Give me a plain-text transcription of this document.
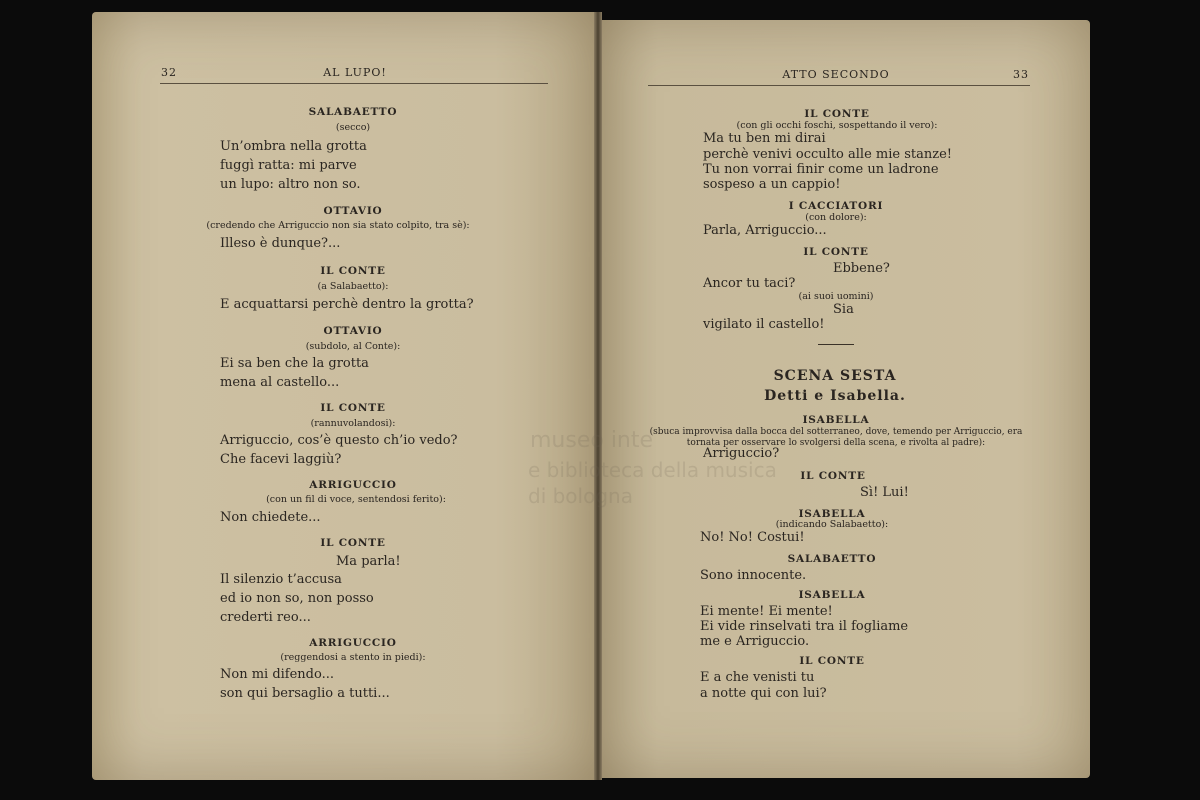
museo inte
e biblioteca della musica
di bologna
32	AL LUPO!
SALABAETTO
(secco)
Un’ombra nella grotta
fuggì ratta: mi parve
un lupo: altro non so.
OTTAVIO
(credendo che Arriguccio non sia stato colpito, tra sè):
Illeso è dunque?...
IL CONTE
(a Salabaetto):
E acquattarsi perchè dentro la grotta?
OTTAVIO
(subdolo, al Conte):
Ei sa ben che la grotta
mena al castello...
IL CONTE
(rannuvolandosi):
Arriguccio, cos’è questo ch’io vedo?
Che facevi laggiù?
ARRIGUCCIO
(con un fil di voce, sentendosi ferito):
Non chiedete...
IL CONTE
Ma parla!
Il silenzio t’accusa
ed io non so, non posso
crederti reo...
ARRIGUCCIO
(reggendosi a stento in piedi):
Non mi difendo...
son qui bersaglio a tutti...
ATTO SECONDO	33
IL CONTE
(con gli occhi foschi, sospettando il vero):
Ma tu ben mi dirai
perchè venivi occulto alle mie stanze!
Tu non vorrai finir come un ladrone
sospeso a un cappio!
I CACCIATORI
(con dolore):
Parla, Arriguccio...
IL CONTE
Ebbene?
Ancor tu taci?
(ai suoi uomini)
Sia
vigilato il castello!
SCENA SESTA
Detti e Isabella.
ISABELLA
(sbuca improvvisa dalla bocca del sotterraneo, dove, temendo per Arriguccio, era tornata per osservare lo svolgersi della scena, e rivolta al padre):
Arriguccio?
IL CONTE
Sì! Lui!
ISABELLA
(indicando Salabaetto):
No! No! Costui!
SALABAETTO
Sono innocente.
ISABELLA
Ei mente! Ei mente!
Ei vide rinselvati tra il fogliame
me e Arriguccio.
IL CONTE
E a che venisti tu
a notte qui con lui?
